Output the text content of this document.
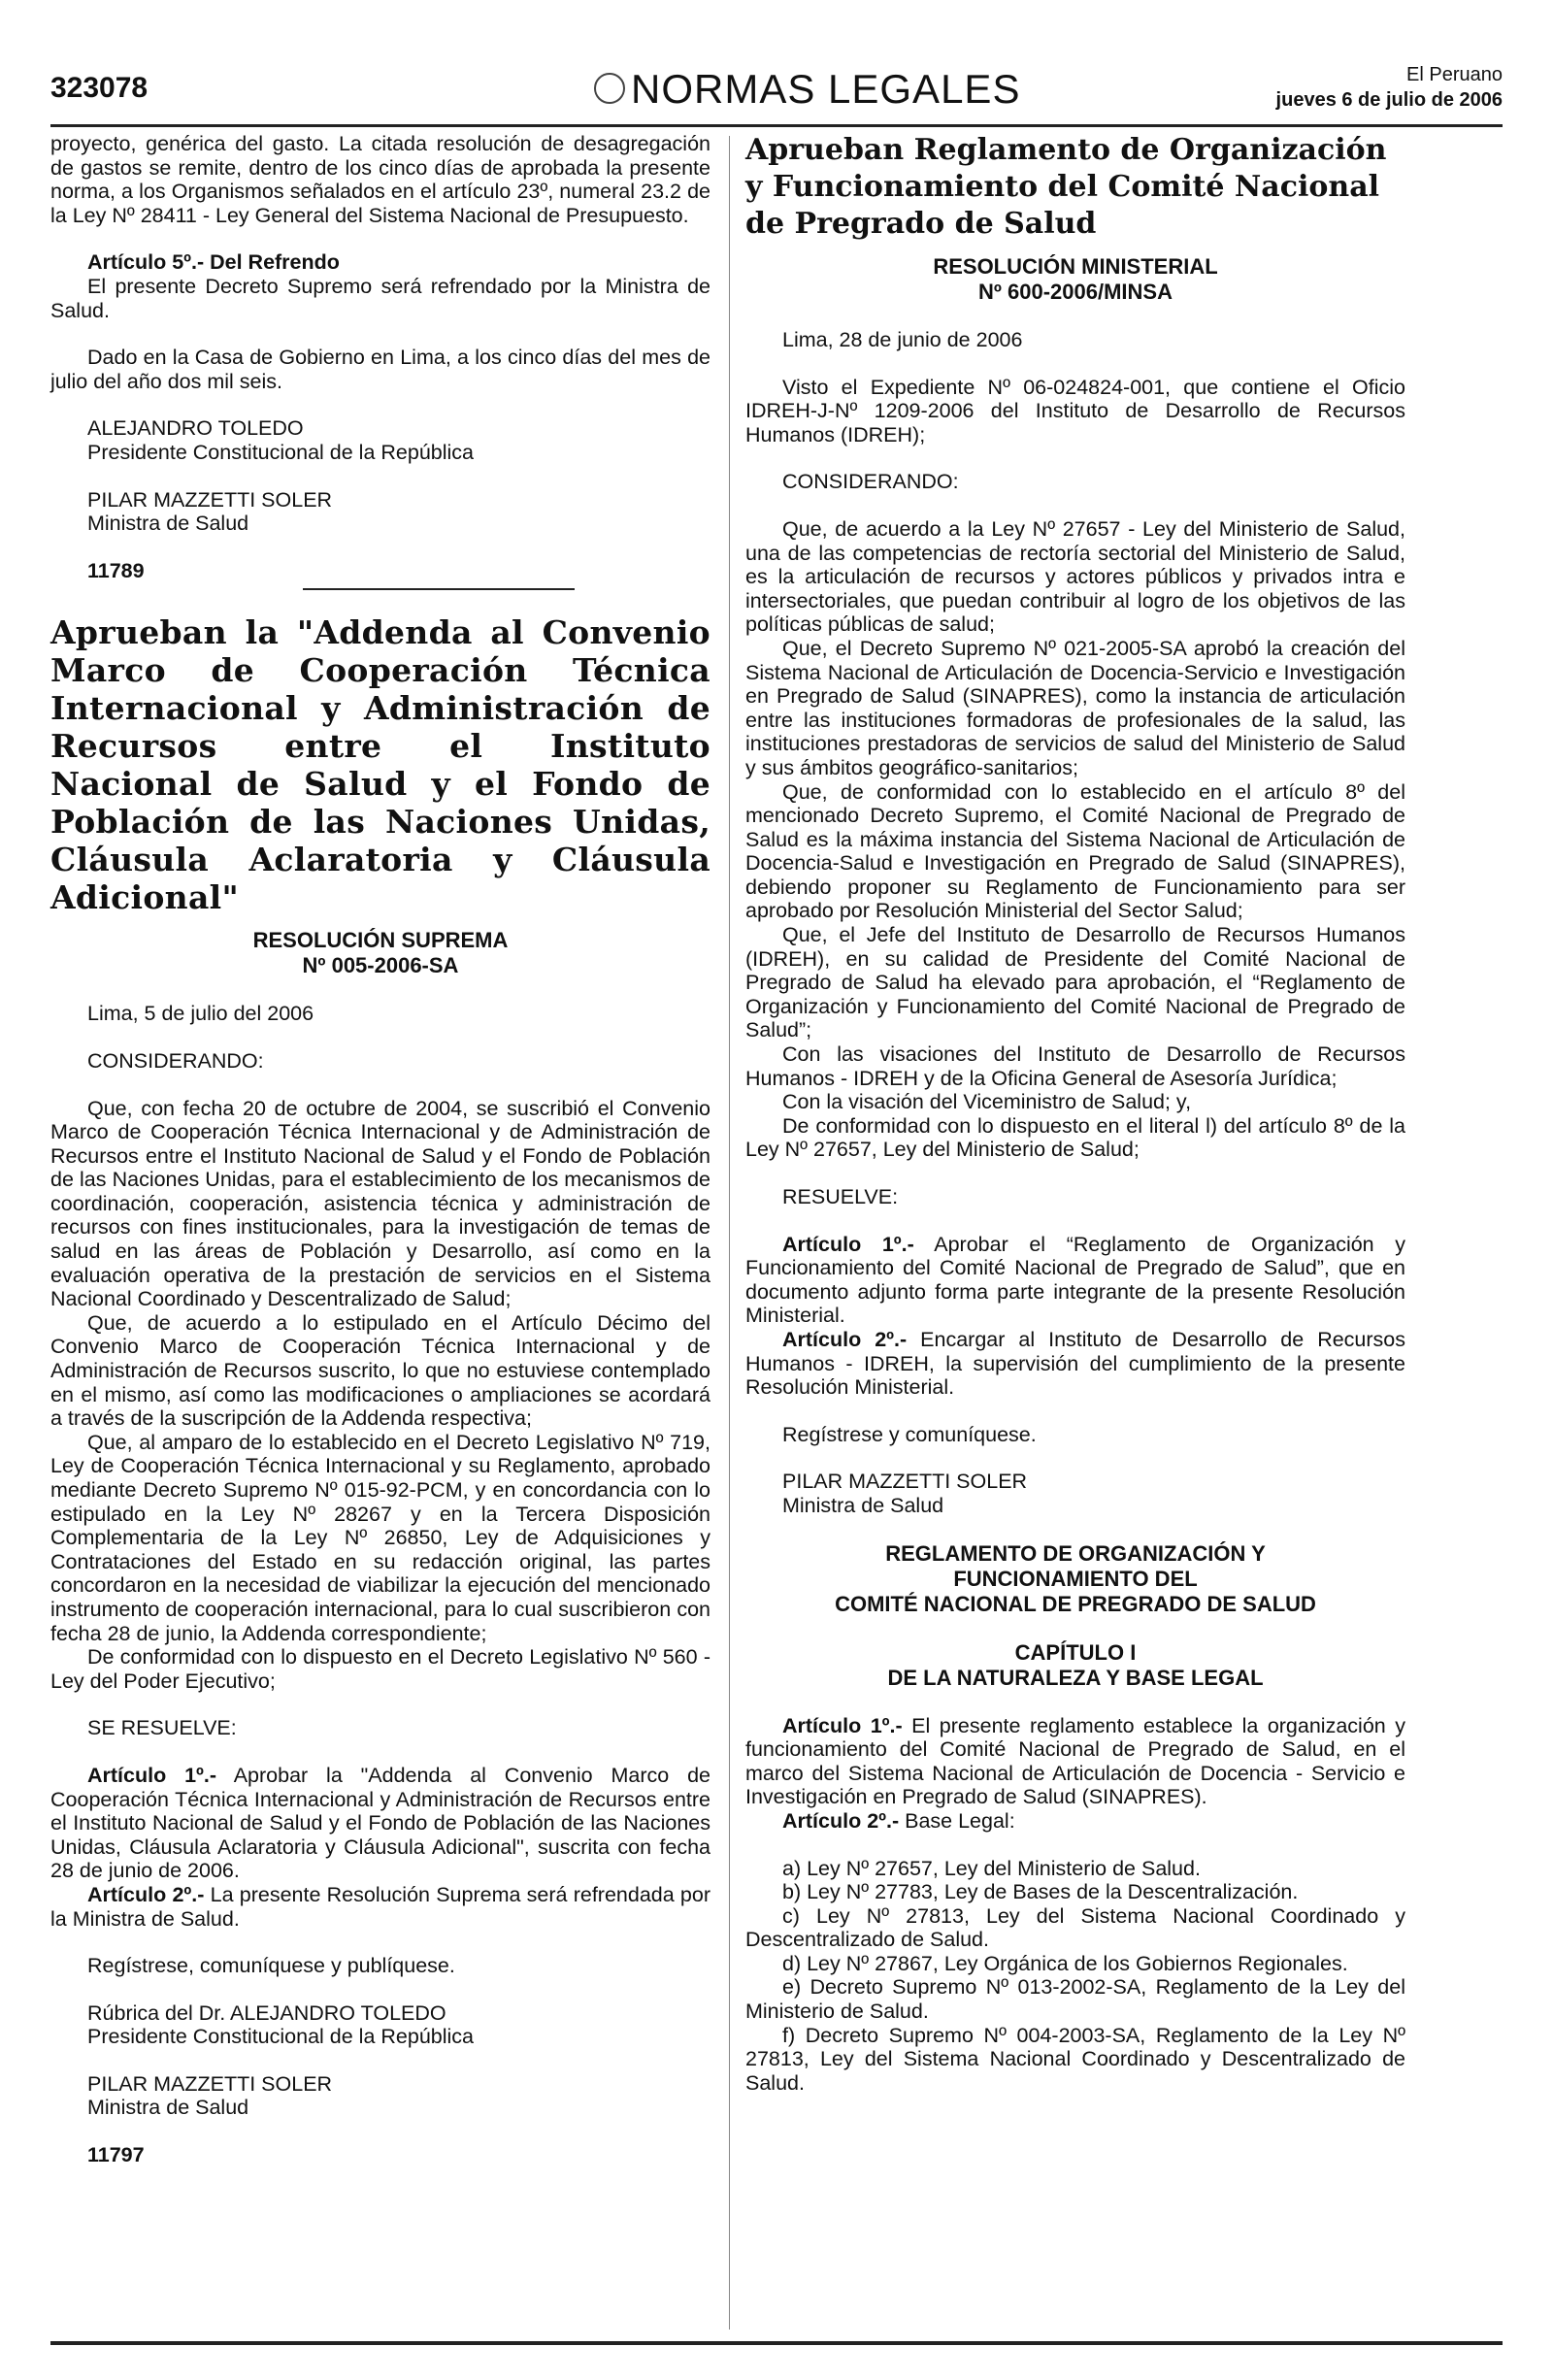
323078	NORMAS LEGALES	El Peruano
jueves 6 de julio de 2006

proyecto, genérica del gasto. La citada resolución de desagregación de gastos se remite, dentro de los cinco días de aprobada la presente norma, a los Organismos señalados en el artículo 23º, numeral 23.2 de la Ley Nº 28411 - Ley General del Sistema Nacional de Presupuesto.

Artículo 5º.- Del Refrendo

El presente Decreto Supremo será refrendado por la Ministra de Salud.

Dado en la Casa de Gobierno en Lima, a los cinco días del mes de julio del año dos mil seis.

ALEJANDRO TOLEDO

Presidente Constitucional de la República

PILAR MAZZETTI SOLER

Ministra de Salud

11789

Aprueban la "Addenda al Convenio Marco de Cooperación Técnica Internacional y Administración de Recursos entre el Instituto Nacional de Salud y el Fondo de Población de las Naciones Unidas, Cláusula Aclaratoria y Cláusula Adicional"
RESOLUCIÓN SUPREMA
Nº 005-2006-SA

Lima, 5 de julio del 2006

CONSIDERANDO:

Que, con fecha 20 de octubre de 2004, se suscribió el Convenio Marco de Cooperación Técnica Internacional y de Administración de Recursos entre el Instituto Nacional de Salud y el Fondo de Población de las Naciones Unidas, para el establecimiento de los mecanismos de coordinación, cooperación, asistencia técnica y administración de recursos con fines institucionales, para la investigación de temas de salud en las áreas de Población y Desarrollo, así como en la evaluación operativa de la prestación de servicios en el Sistema Nacional Coordinado y Descentralizado de Salud;

Que, de acuerdo a lo estipulado en el Artículo Décimo del Convenio Marco de Cooperación Técnica Internacional y de Administración de Recursos suscrito, lo que no estuviese contemplado en el mismo, así como las modificaciones o ampliaciones se acordará a través de la suscripción de la Addenda respectiva;

Que, al amparo de lo establecido en el Decreto Legislativo Nº 719, Ley de Cooperación Técnica Internacional y su Reglamento, aprobado mediante Decreto Supremo Nº 015-92-PCM, y en concordancia con lo estipulado en la Ley Nº 28267 y en la Tercera Disposición Complementaria de la Ley Nº 26850, Ley de Adquisiciones y Contrataciones del Estado en su redacción original, las partes concordaron en la necesidad de viabilizar la ejecución del mencionado instrumento de cooperación internacional, para lo cual suscribieron con fecha 28 de junio, la Addenda correspondiente;

De conformidad con lo dispuesto en el Decreto Legislativo Nº 560 - Ley del Poder Ejecutivo;

SE RESUELVE:

Artículo 1º.- Aprobar la "Addenda al Convenio Marco de Cooperación Técnica Internacional y Administración de Recursos entre el Instituto Nacional de Salud y el Fondo de Población de las Naciones Unidas, Cláusula Aclaratoria y Cláusula Adicional", suscrita con fecha 28 de junio de 2006.

Artículo 2º.- La presente Resolución Suprema será refrendada por la Ministra de Salud.

Regístrese, comuníquese y publíquese.

Rúbrica del Dr. ALEJANDRO TOLEDO

Presidente Constitucional de la República

PILAR MAZZETTI SOLER

Ministra de Salud

11797

Aprueban Reglamento de Organización y Funcionamiento del Comité Nacional de Pregrado de Salud
RESOLUCIÓN MINISTERIAL
Nº 600-2006/MINSA

Lima, 28 de junio de 2006

Visto el Expediente Nº 06-024824-001, que contiene el Oficio IDREH-J-Nº 1209-2006 del Instituto de Desarrollo de Recursos Humanos (IDREH);

CONSIDERANDO:

Que, de acuerdo a la Ley Nº 27657 - Ley del Ministerio de Salud, una de las competencias de rectoría sectorial del Ministerio de Salud, es la articulación de recursos y actores públicos y privados intra e intersectoriales, que puedan contribuir al logro de los objetivos de las políticas públicas de salud;

Que, el Decreto Supremo Nº 021-2005-SA aprobó la creación del Sistema Nacional de Articulación de Docencia-Servicio e Investigación en Pregrado de Salud (SINAPRES), como la instancia de articulación entre las instituciones formadoras de profesionales de la salud, las instituciones prestadoras de servicios de salud del Ministerio de Salud y sus ámbitos geográfico-sanitarios;

Que, de conformidad con lo establecido en el artículo 8º del mencionado Decreto Supremo, el Comité Nacional de Pregrado de Salud es la máxima instancia del Sistema Nacional de Articulación de Docencia-Salud e Investigación en Pregrado de Salud (SINAPRES), debiendo proponer su Reglamento de Funcionamiento para ser aprobado por Resolución Ministerial del Sector Salud;

Que, el Jefe del Instituto de Desarrollo de Recursos Humanos (IDREH), en su calidad de Presidente del Comité Nacional de Pregrado de Salud ha elevado para aprobación, el “Reglamento de Organización y Funcionamiento del Comité Nacional de Pregrado de Salud”;

Con las visaciones del Instituto de Desarrollo de Recursos Humanos - IDREH y de la Oficina General de Asesoría Jurídica;

Con la visación del Viceministro de Salud; y,

De conformidad con lo dispuesto en el literal l) del artículo 8º de la Ley Nº 27657, Ley del Ministerio de Salud;

RESUELVE:

Artículo 1º.- Aprobar el “Reglamento de Organización y Funcionamiento del Comité Nacional de Pregrado de Salud”, que en documento adjunto forma parte integrante de la presente Resolución Ministerial.

Artículo 2º.- Encargar al Instituto de Desarrollo de Recursos Humanos - IDREH, la supervisión del cumplimiento de la presente Resolución Ministerial.

Regístrese y comuníquese.

PILAR MAZZETTI SOLER

Ministra de Salud

REGLAMENTO DE ORGANIZACIÓN Y
FUNCIONAMIENTO DEL
COMITÉ NACIONAL DE PREGRADO DE SALUD
CAPÍTULO I
DE LA NATURALEZA Y BASE LEGAL

Artículo 1º.- El presente reglamento establece la organización y funcionamiento del Comité Nacional de Pregrado de Salud, en el marco del Sistema Nacional de Articulación de Docencia - Servicio e Investigación en Pregrado de Salud (SINAPRES).

Artículo 2º.- Base Legal:

a) Ley Nº 27657, Ley del Ministerio de Salud.

b) Ley Nº 27783, Ley de Bases de la Descentralización.

c) Ley Nº 27813, Ley del Sistema Nacional Coordinado y Descentralizado de Salud.

d) Ley Nº 27867, Ley Orgánica de los Gobiernos Regionales.

e) Decreto Supremo Nº 013-2002-SA, Reglamento de la Ley del Ministerio de Salud.

f) Decreto Supremo Nº 004-2003-SA, Reglamento de la Ley Nº 27813, Ley del Sistema Nacional Coordinado y Descentralizado de Salud.
